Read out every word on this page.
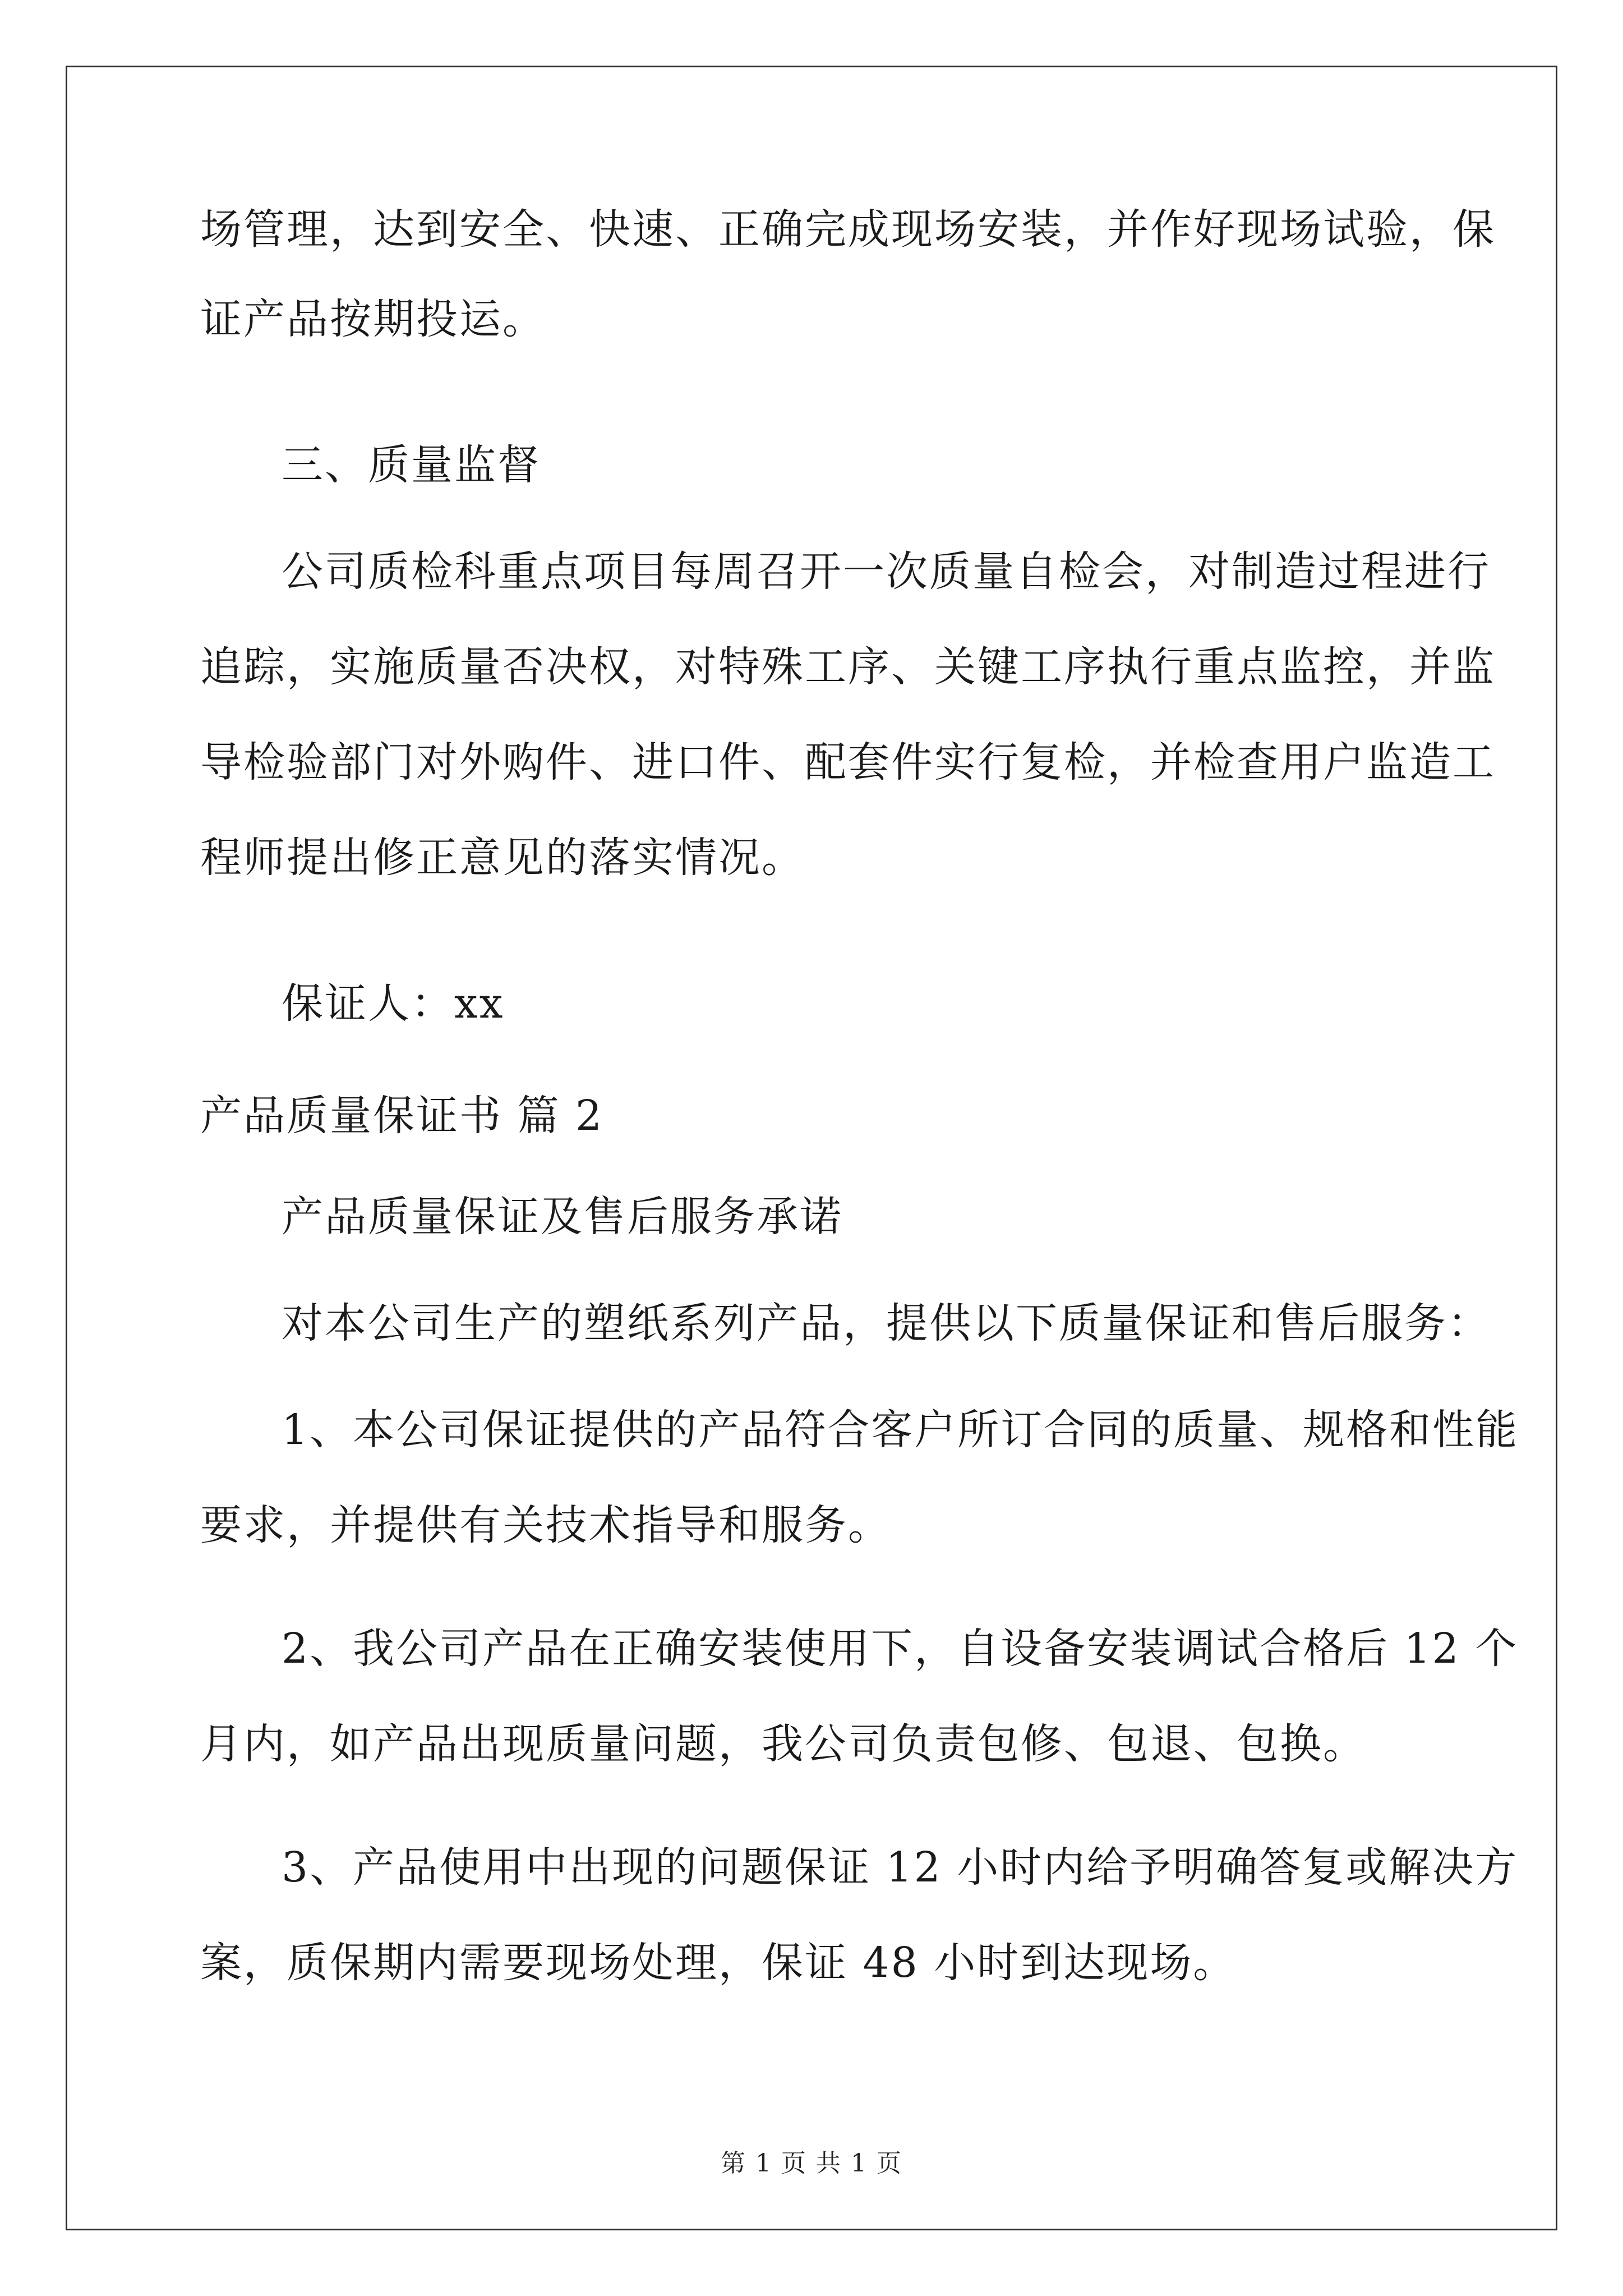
场管理，达到安全、快速、正确完成现场安装，并作好现场试验，保
证产品按期投运。
三、质量监督
公司质检科重点项目每周召开一次质量自检会，对制造过程进行
追踪，实施质量否决权，对特殊工序、关键工序执行重点监控，并监
导检验部门对外购件、进口件、配套件实行复检，并检查用户监造工
程师提出修正意见的落实情况。
保证人：xx
产品质量保证书 篇 2
产品质量保证及售后服务承诺
对本公司生产的塑纸系列产品，提供以下质量保证和售后服务：
1、本公司保证提供的产品符合客户所订合同的质量、规格和性能
要求，并提供有关技术指导和服务。
2、我公司产品在正确安装使用下，自设备安装调试合格后 12 个
月内，如产品出现质量问题，我公司负责包修、包退、包换。
3、产品使用中出现的问题保证 12 小时内给予明确答复或解决方
案，质保期内需要现场处理，保证 48 小时到达现场。
第 1 页 共 1 页
